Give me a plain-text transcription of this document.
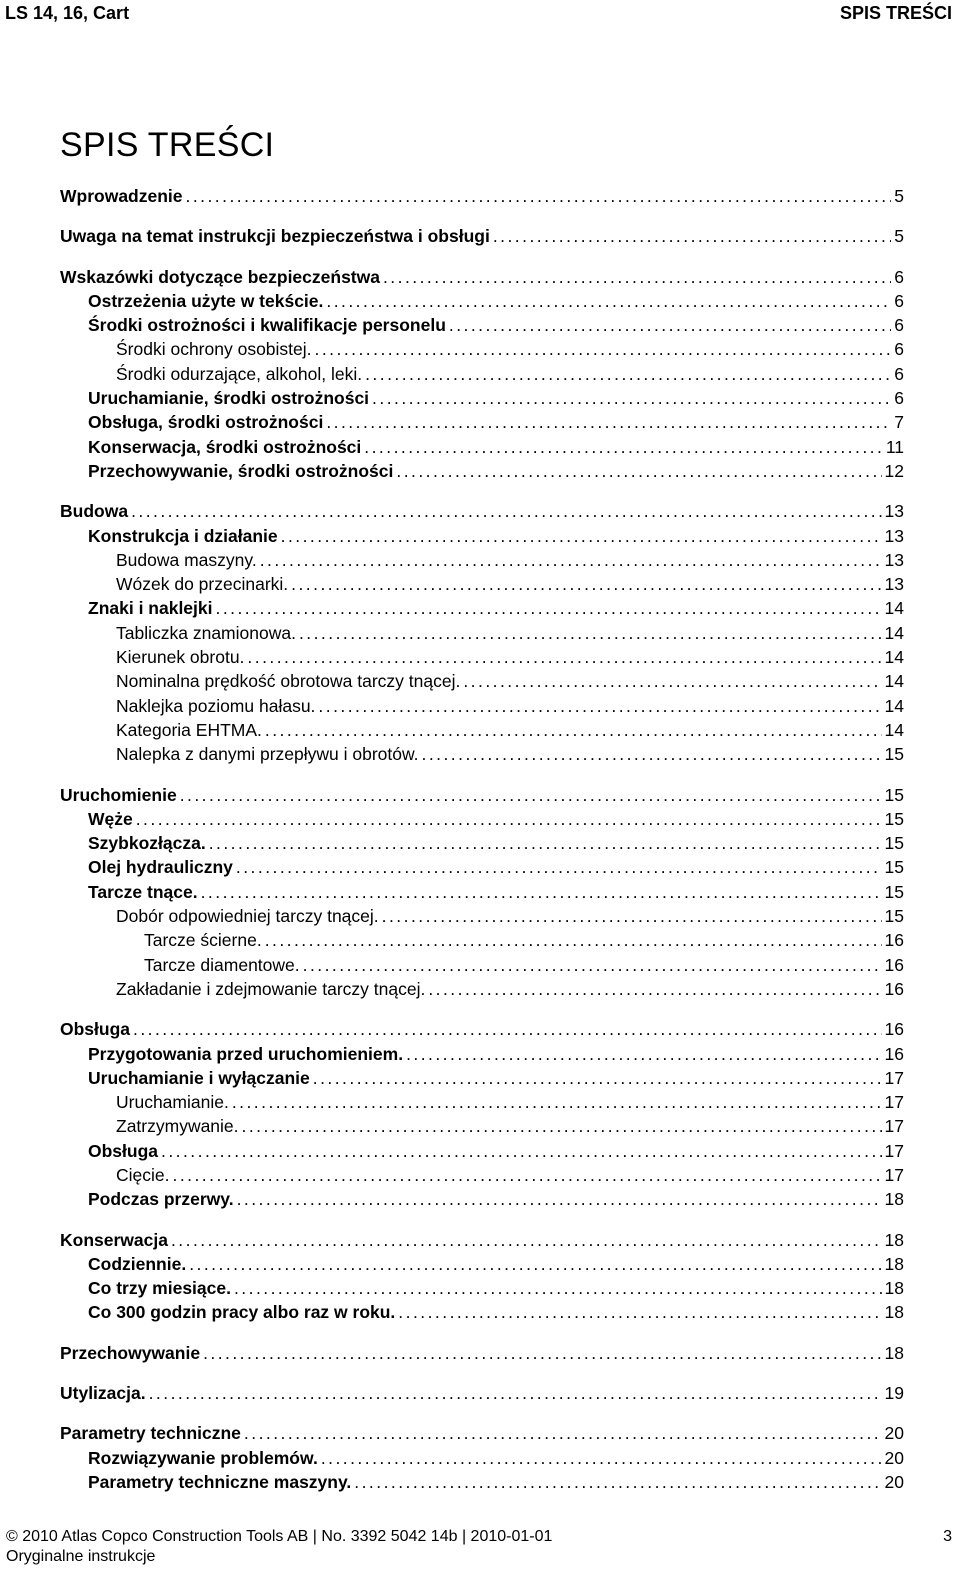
LS 14, 16, Cart	SPIS TREŚCI
SPIS TREŚCI
Wprowadzenie . . .	5
Uwaga na temat instrukcji bezpieczeństwa i obsługi . . .	5
Wskazówki dotyczące bezpieczeństwa . . .	6
Ostrzeżenia użyte w tekście. . . .	6
Środki ostrożności i kwalifikacje personelu . . .	6
Środki ochrony osobistej. . . .	6
Środki odurzające, alkohol, leki. . . .	6
Uruchamianie, środki ostrożności . . .	6
Obsługa, środki ostrożności . . .	7
Konserwacja, środki ostrożności . . .	11
Przechowywanie, środki ostrożności . . .	12
Budowa . . .	13
Konstrukcja i działanie . . .	13
Budowa maszyny. . . .	13
Wózek do przecinarki. . . .	13
Znaki i naklejki . . .	14
Tabliczka znamionowa. . . .	14
Kierunek obrotu. . . .	14
Nominalna prędkość obrotowa tarczy tnącej. . . .	14
Naklejka poziomu hałasu. . . .	14
Kategoria EHTMA. . . .	14
Nalepka z danymi przepływu i obrotów. . . .	15
Uruchomienie . . .	15
Węże . . .	15
Szybkozłącza. . . .	15
Olej hydrauliczny . . .	15
Tarcze tnące. . . .	15
Dobór odpowiedniej tarczy tnącej. . . .	15
Tarcze ścierne. . . .	16
Tarcze diamentowe. . . .	16
Zakładanie i zdejmowanie tarczy tnącej. . . .	16
Obsługa . . .	16
Przygotowania przed uruchomieniem. . . .	16
Uruchamianie i wyłączanie . . .	17
Uruchamianie. . . .	17
Zatrzymywanie. . . .	17
Obsługa . . .	17
Cięcie. . . .	17
Podczas przerwy. . . .	18
Konserwacja . . .	18
Codziennie. . . .	18
Co trzy miesiące. . . .	18
Co 300 godzin pracy albo raz w roku. . . .	18
Przechowywanie . . .	18
Utylizacja. . . .	19
Parametry techniczne . . .	20
Rozwiązywanie problemów. . . .	20
Parametry techniczne maszyny. . . .	20
© 2010 Atlas Copco Construction Tools AB | No. 3392 5042 14b | 2010-01-01	3
Oryginalne instrukcje
